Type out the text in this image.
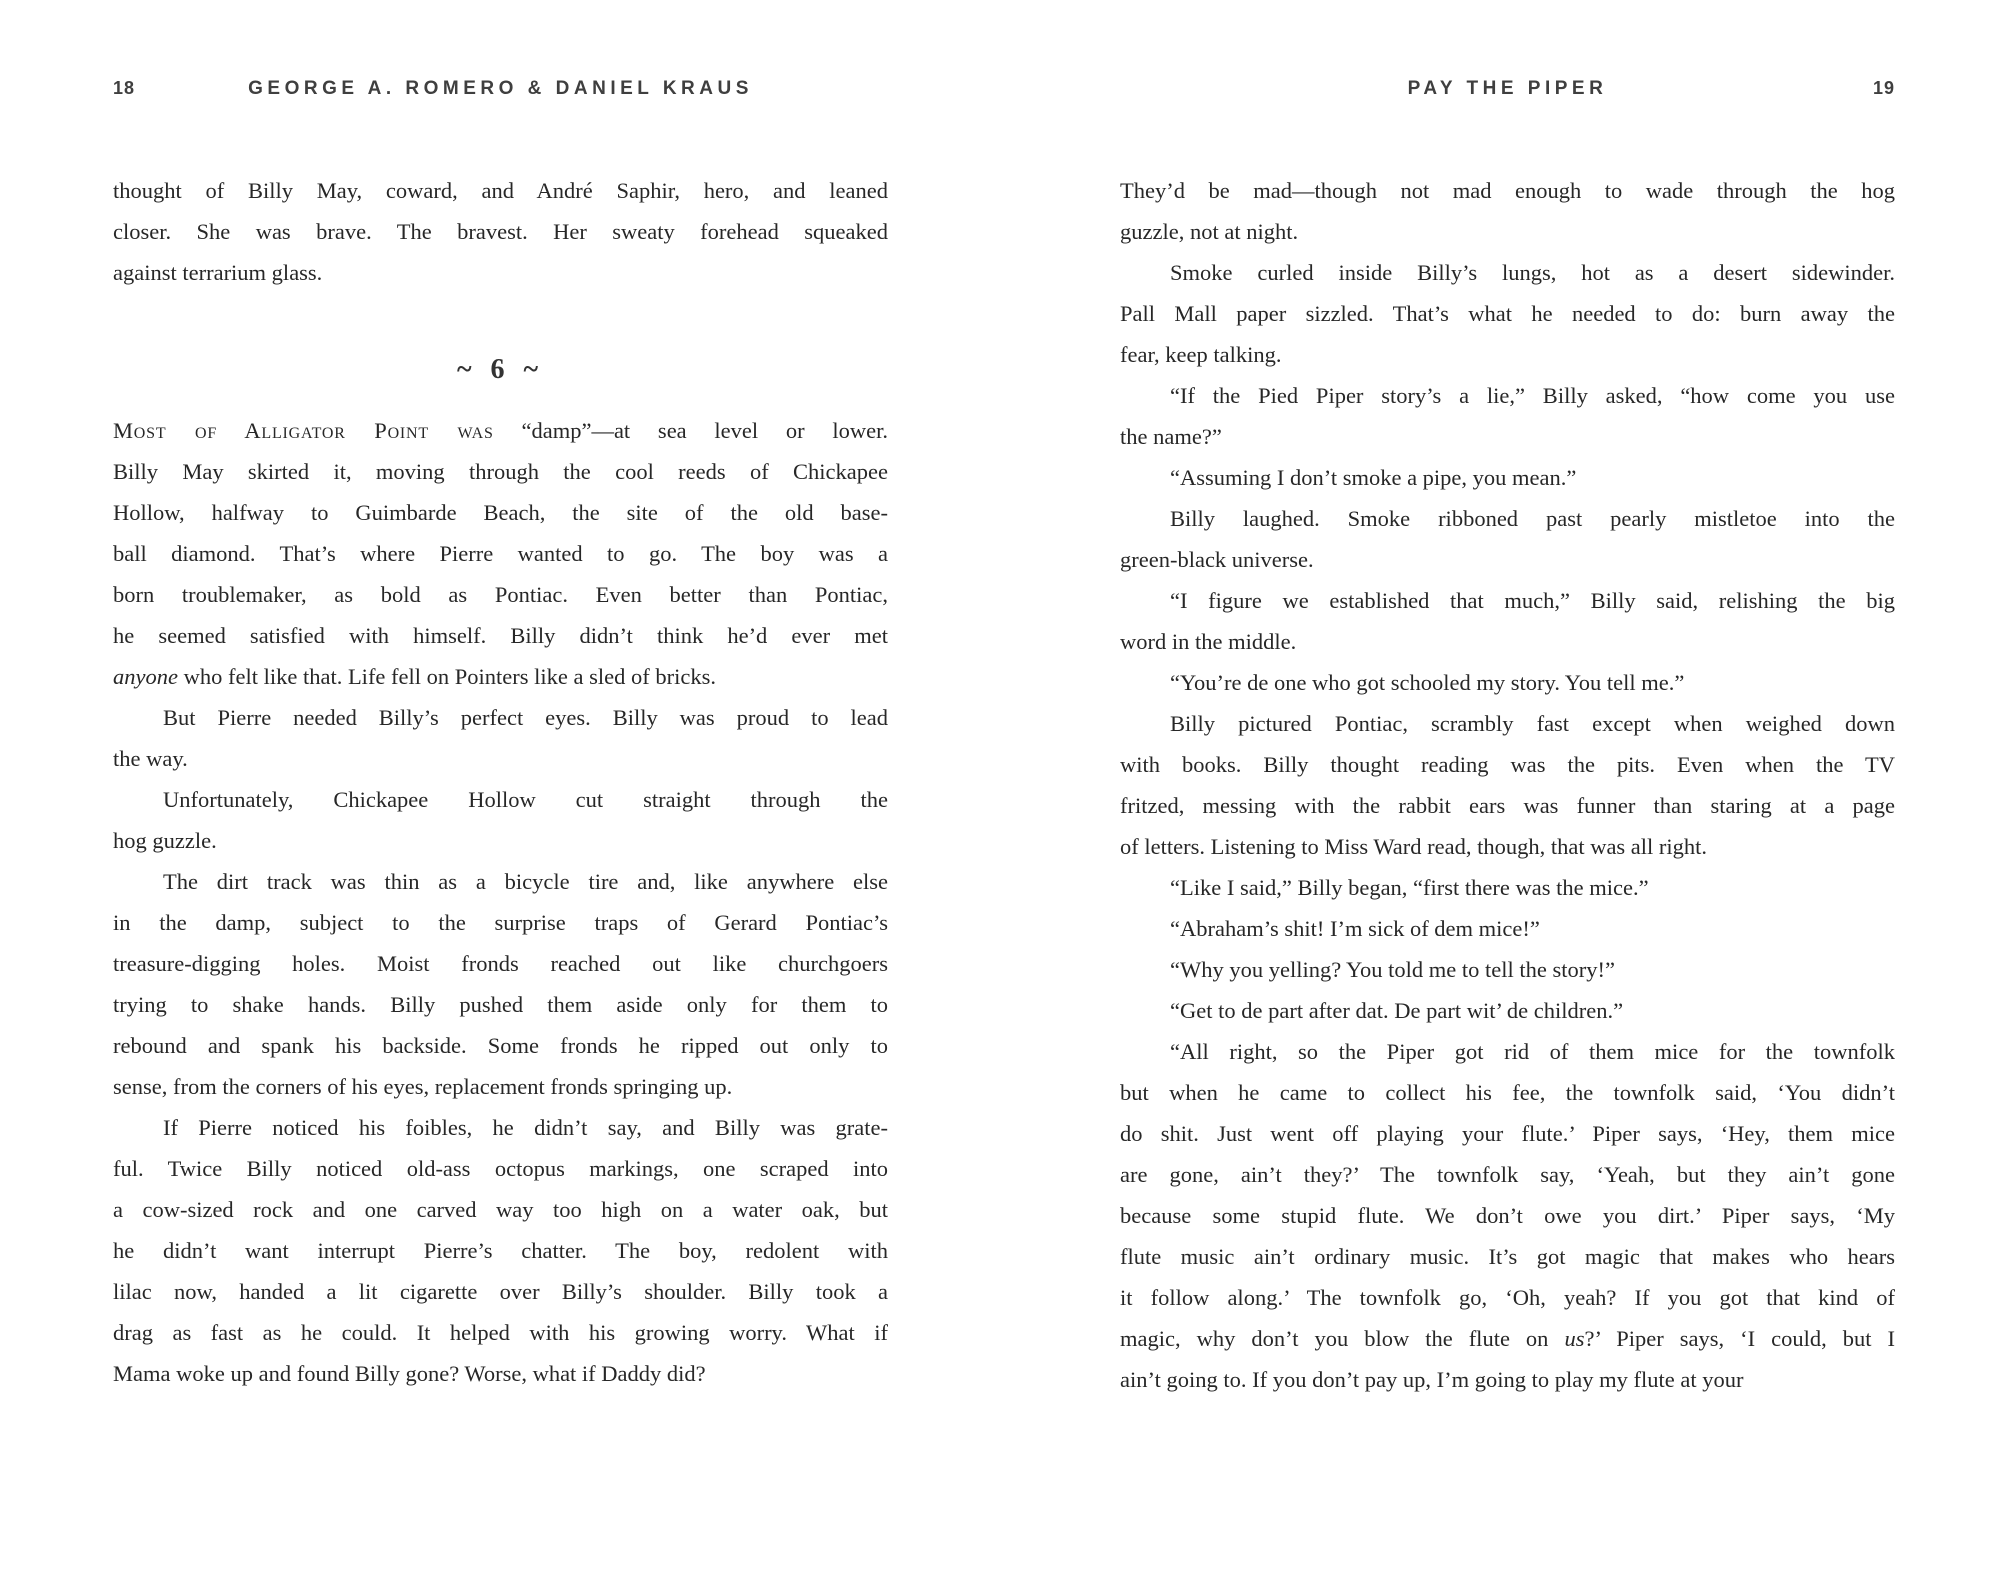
18	GEORGE A. ROMERO & DANIEL KRAUS
thought of Billy May, coward, and André Saphir, hero, and leaned
closer. She was brave. The bravest. Her sweaty forehead squeaked
against terrarium glass.
~ 6 ~
Most of Alligator Point was “damp”—at sea level or lower.
Billy May skirted it, moving through the cool reeds of Chickapee
Hollow, halfway to Guimbarde Beach, the site of the old base-
ball diamond. That’s where Pierre wanted to go. The boy was a
born troublemaker, as bold as Pontiac. Even better than Pontiac,
he seemed satisfied with himself. Billy didn’t think he’d ever met
anyone who felt like that. Life fell on Pointers like a sled of bricks.
But Pierre needed Billy’s perfect eyes. Billy was proud to lead
the way.
Unfortunately, Chickapee Hollow cut straight through the
hog guzzle.
The dirt track was thin as a bicycle tire and, like anywhere else
in the damp, subject to the surprise traps of Gerard Pontiac’s
treasure-digging holes. Moist fronds reached out like churchgoers
trying to shake hands. Billy pushed them aside only for them to
rebound and spank his backside. Some fronds he ripped out only to
sense, from the corners of his eyes, replacement fronds springing up.
If Pierre noticed his foibles, he didn’t say, and Billy was grate-
ful. Twice Billy noticed old-ass octopus markings, one scraped into
a cow-sized rock and one carved way too high on a water oak, but
he didn’t want interrupt Pierre’s chatter. The boy, redolent with
lilac now, handed a lit cigarette over Billy’s shoulder. Billy took a
drag as fast as he could. It helped with his growing worry. What if
Mama woke up and found Billy gone? Worse, what if Daddy did?
PAY THE PIPER	19
They’d be mad—though not mad enough to wade through the hog
guzzle, not at night.
Smoke curled inside Billy’s lungs, hot as a desert sidewinder.
Pall Mall paper sizzled. That’s what he needed to do: burn away the
fear, keep talking.
“If the Pied Piper story’s a lie,” Billy asked, “how come you use
the name?”
“Assuming I don’t smoke a pipe, you mean.”
Billy laughed. Smoke ribboned past pearly mistletoe into the
green-black universe.
“I figure we established that much,” Billy said, relishing the big
word in the middle.
“You’re de one who got schooled my story. You tell me.”
Billy pictured Pontiac, scrambly fast except when weighed down
with books. Billy thought reading was the pits. Even when the TV
fritzed, messing with the rabbit ears was funner than staring at a page
of letters. Listening to Miss Ward read, though, that was all right.
“Like I said,” Billy began, “first there was the mice.”
“Abraham’s shit! I’m sick of dem mice!”
“Why you yelling? You told me to tell the story!”
“Get to de part after dat. De part wit’ de children.”
“All right, so the Piper got rid of them mice for the townfolk
but when he came to collect his fee, the townfolk said, ‘You didn’t
do shit. Just went off playing your flute.’ Piper says, ‘Hey, them mice
are gone, ain’t they?’ The townfolk say, ‘Yeah, but they ain’t gone
because some stupid flute. We don’t owe you dirt.’ Piper says, ‘My
flute music ain’t ordinary music. It’s got magic that makes who hears
it follow along.’ The townfolk go, ‘Oh, yeah? If you got that kind of
magic, why don’t you blow the flute on us?’ Piper says, ‘I could, but I
ain’t going to. If you don’t pay up, I’m going to play my flute at your
